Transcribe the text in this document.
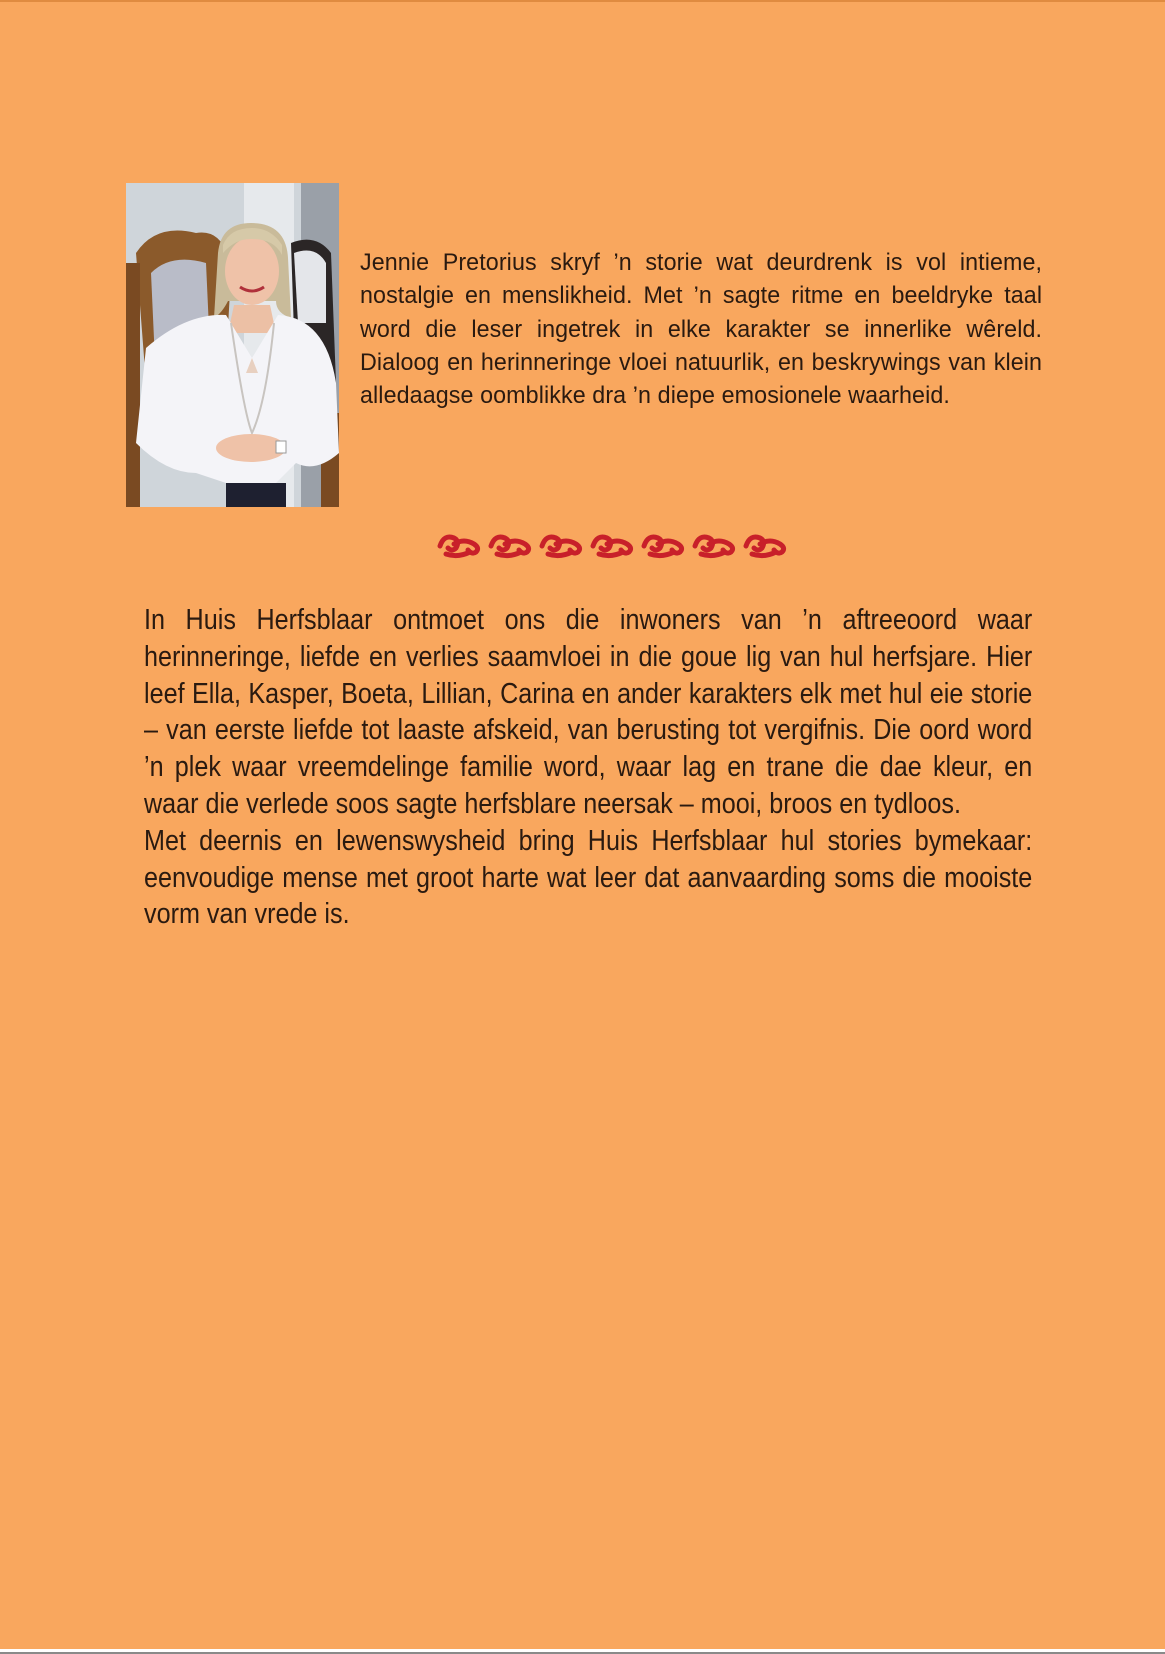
Jennie Pretorius skryf ’n storie wat deurdrenk is vol intieme, nostalgie en menslikheid. Met ’n sagte ritme en beeldryke taal word die leser ingetrek in elke karakter se innerlike wêreld. Dialoog en herinneringe vloei natuurlik, en beskrywings van klein alledaagse oomblikke dra ’n diepe emosionele waarheid.

In Huis Herfsblaar ontmoet ons die inwoners van ’n aftreeoord waar herinneringe, liefde en verlies saamvloei in die goue lig van hul herfsjare. Hier leef Ella, Kasper, Boeta, Lillian, Carina en ander karakters elk met hul eie storie – van eerste liefde tot laaste afskeid, van berusting tot vergifnis. Die oord word ’n plek waar vreemdelinge familie word, waar lag en trane die dae kleur, en waar die verlede soos sagte herfsblare neersak – mooi, broos en tydloos.

Met deernis en lewenswysheid bring Huis Herfsblaar hul stories bymekaar: eenvoudige mense met groot harte wat leer dat aanvaarding soms die mooiste vorm van vrede is.
